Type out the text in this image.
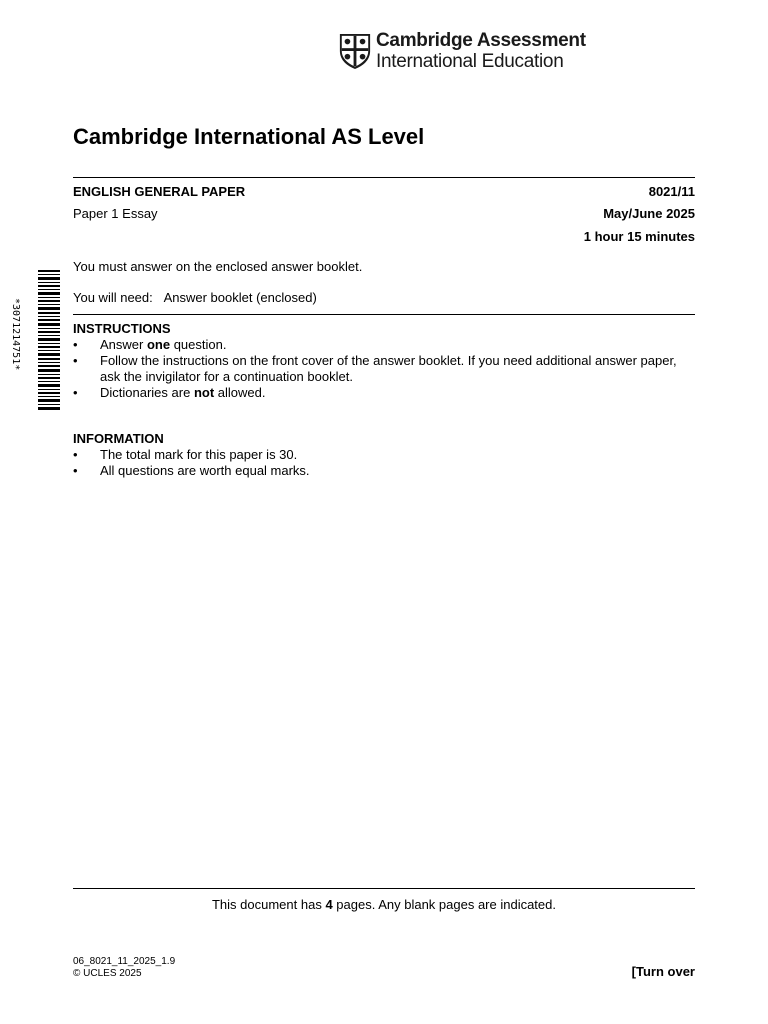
Cambridge Assessment
International Education
Cambridge International AS Level
ENGLISH GENERAL PAPER	8021/11
Paper 1 Essay	May/June 2025
1 hour 15 minutes
You must answer on the enclosed answer booklet.
You will need: Answer booklet (enclosed)
INSTRUCTIONS
• Answer one question.
• Follow the instructions on the front cover of the answer booklet. If you need additional answer paper, ask the invigilator for a continuation booklet.
• Dictionaries are not allowed.
INFORMATION
• The total mark for this paper is 30.
• All questions are worth equal marks.
*3071214751*
This document has 4 pages. Any blank pages are indicated.
06_8021_11_2025_1.9
© UCLES 2025	[Turn over
